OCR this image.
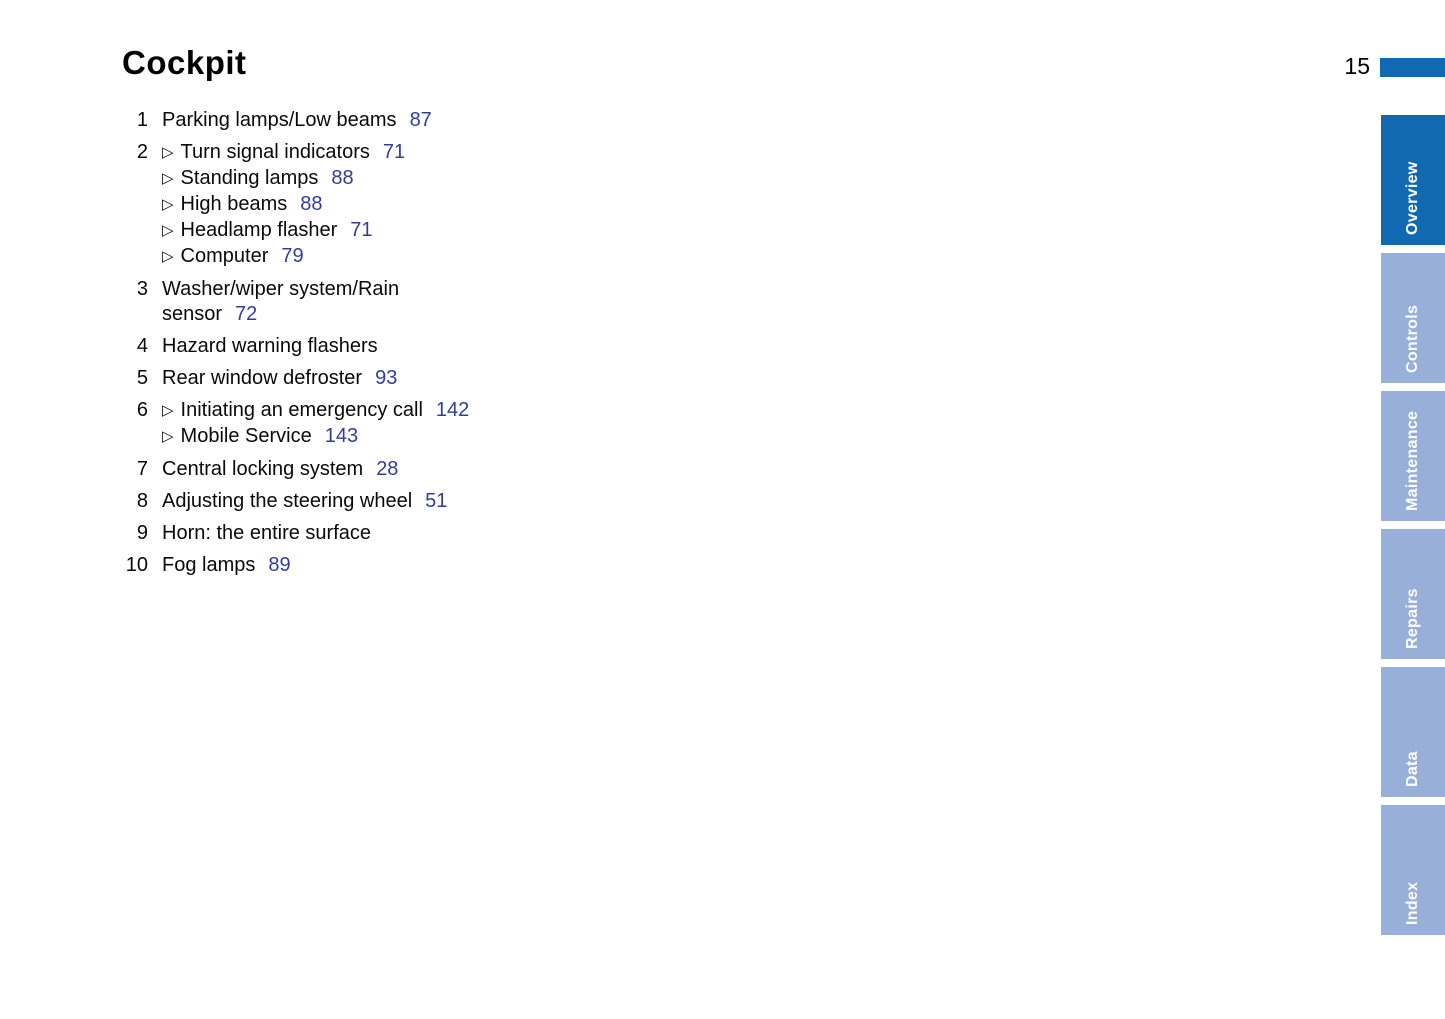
Cockpit	15
1 Parking lamps/Low beams 87
2 ▷ Turn signal indicators 71
▷ Standing lamps 88
▷ High beams 88
▷ Headlamp flasher 71
▷ Computer 79
3 Washer/wiper system/Rain
sensor 72
4 Hazard warning flashers
5 Rear window defroster 93
6 ▷ Initiating an emergency call 142
▷ Mobile Service 143
7 Central locking system 28
8 Adjusting the steering wheel 51
9 Horn: the entire surface
10 Fog lamps 89
Overview
Controls
Maintenance
Repairs
Data
Index
